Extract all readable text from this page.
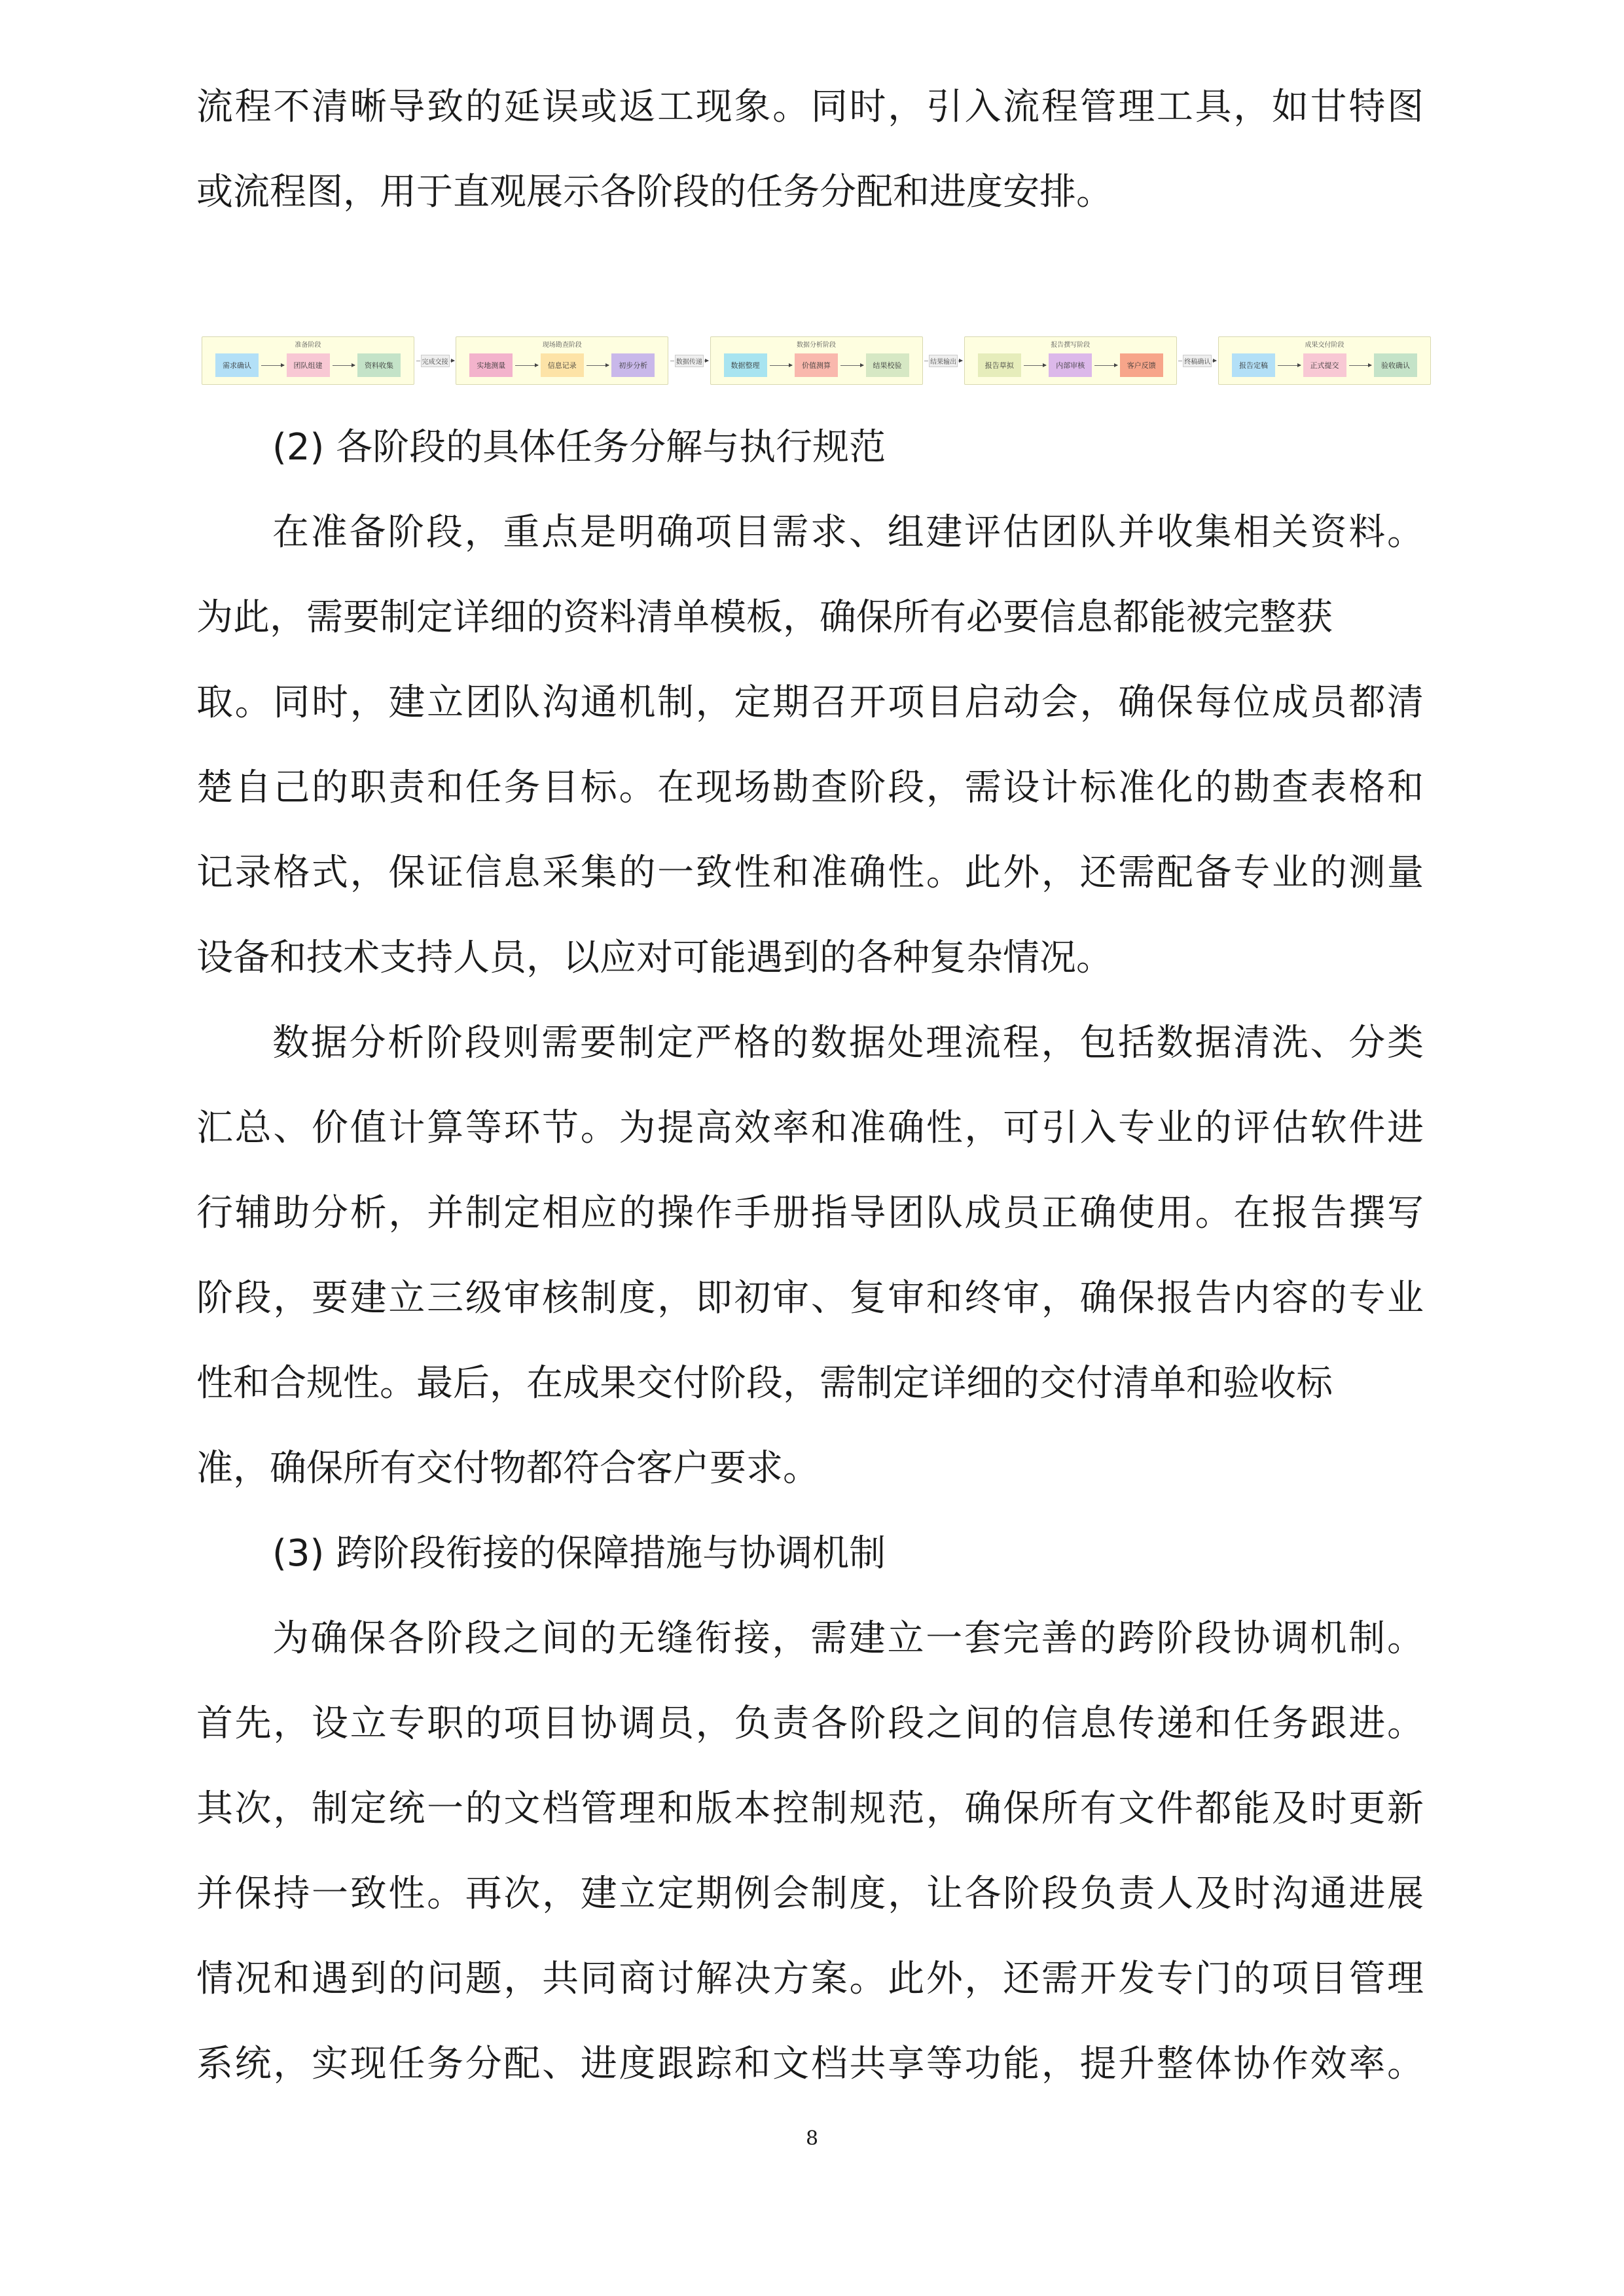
流程不清晰导致的延误或返工现象。同时，引入流程管理工具，如甘特图
或流程图，用于直观展示各阶段的任务分配和进度安排。
准备阶段
需求确认	团队组建	资料收集	完成交接
现场勘查阶段
实地测量	信息记录	初步分析	数据传递
数据分析阶段
数据整理	价值测算	结果校验	结果输出
报告撰写阶段
报告草拟	内部审核	客户反馈	终稿确认
成果交付阶段
报告定稿	正式提交	验收确认
(2) 各阶段的具体任务分解与执行规范
在准备阶段，重点是明确项目需求、组建评估团队并收集相关资料。
为此，需要制定详细的资料清单模板，确保所有必要信息都能被完整获
取。同时，建立团队沟通机制，定期召开项目启动会，确保每位成员都清
楚自己的职责和任务目标。在现场勘查阶段，需设计标准化的勘查表格和
记录格式，保证信息采集的一致性和准确性。此外，还需配备专业的测量
设备和技术支持人员，以应对可能遇到的各种复杂情况。
数据分析阶段则需要制定严格的数据处理流程，包括数据清洗、分类
汇总、价值计算等环节。为提高效率和准确性，可引入专业的评估软件进
行辅助分析，并制定相应的操作手册指导团队成员正确使用。在报告撰写
阶段，要建立三级审核制度，即初审、复审和终审，确保报告内容的专业
性和合规性。最后，在成果交付阶段，需制定详细的交付清单和验收标
准，确保所有交付物都符合客户要求。
(3) 跨阶段衔接的保障措施与协调机制
为确保各阶段之间的无缝衔接，需建立一套完善的跨阶段协调机制。
首先，设立专职的项目协调员，负责各阶段之间的信息传递和任务跟进。
其次，制定统一的文档管理和版本控制规范，确保所有文件都能及时更新
并保持一致性。再次，建立定期例会制度，让各阶段负责人及时沟通进展
情况和遇到的问题，共同商讨解决方案。此外，还需开发专门的项目管理
系统，实现任务分配、进度跟踪和文档共享等功能，提升整体协作效率。
8
